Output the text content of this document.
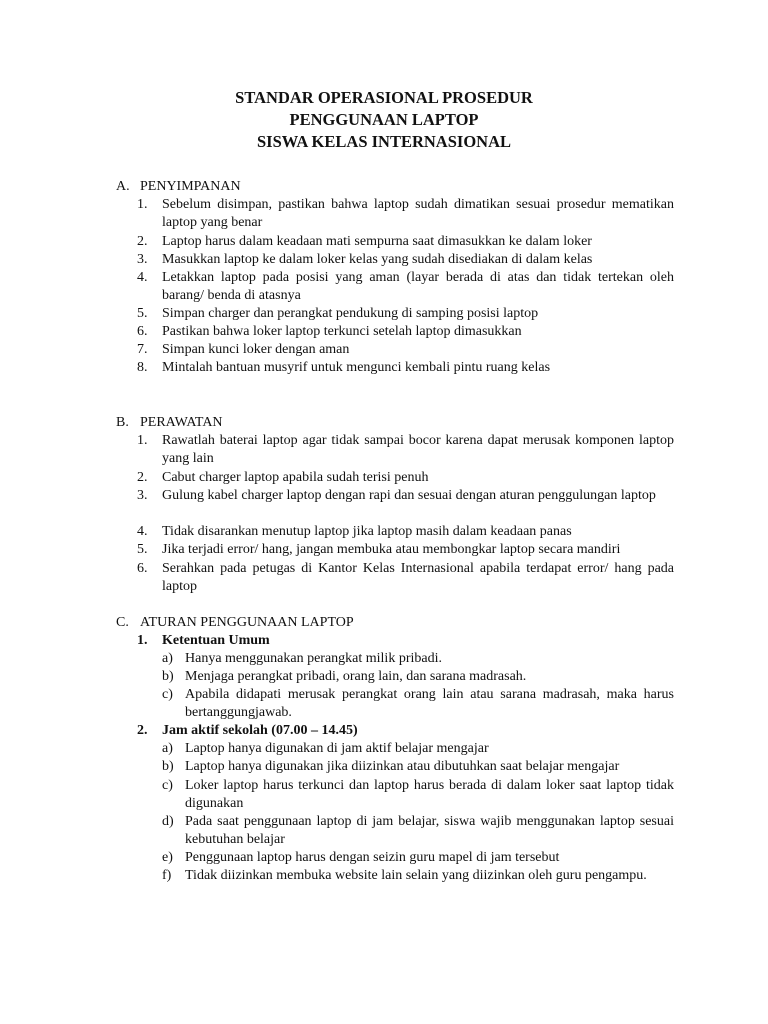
STANDAR OPERASIONAL PROSEDUR
PENGGUNAAN LAPTOP
SISWA KELAS INTERNASIONAL
A. PENYIMPANAN
1. Sebelum disimpan, pastikan bahwa laptop sudah dimatikan sesuai prosedur mematikan laptop yang benar
2. Laptop harus dalam keadaan mati sempurna saat dimasukkan ke dalam loker
3. Masukkan laptop ke dalam loker kelas yang sudah disediakan di dalam kelas
4. Letakkan laptop pada posisi yang aman (layar berada di atas dan tidak tertekan oleh barang/ benda di atasnya
5. Simpan charger dan perangkat pendukung di samping posisi laptop
6. Pastikan bahwa loker laptop terkunci setelah laptop dimasukkan
7. Simpan kunci loker dengan aman
8. Mintalah bantuan musyrif untuk mengunci kembali pintu ruang kelas
B. PERAWATAN
1. Rawatlah baterai laptop agar tidak sampai bocor karena dapat merusak komponen laptop yang lain
2. Cabut charger laptop apabila sudah terisi penuh
3. Gulung kabel charger laptop dengan rapi dan sesuai dengan aturan penggulungan laptop
4. Tidak disarankan menutup laptop jika laptop masih dalam keadaan panas
5. Jika terjadi error/ hang, jangan membuka atau membongkar laptop secara mandiri
6. Serahkan pada petugas di Kantor Kelas Internasional apabila terdapat error/ hang pada laptop
C. ATURAN PENGGUNAAN LAPTOP
1. Ketentuan Umum
a) Hanya menggunakan perangkat milik pribadi.
b) Menjaga perangkat pribadi, orang lain, dan sarana madrasah.
c) Apabila didapati merusak perangkat orang lain atau sarana madrasah, maka harus bertanggungjawab.
2. Jam aktif sekolah (07.00 – 14.45)
a) Laptop hanya digunakan di jam aktif belajar mengajar
b) Laptop hanya digunakan jika diizinkan atau dibutuhkan saat belajar mengajar
c) Loker laptop harus terkunci dan laptop harus berada di dalam loker saat laptop tidak digunakan
d) Pada saat penggunaan laptop di jam belajar, siswa wajib menggunakan laptop sesuai kebutuhan belajar
e) Penggunaan laptop harus dengan seizin guru mapel di jam tersebut
f) Tidak diizinkan membuka website lain selain yang diizinkan oleh guru pengampu.
